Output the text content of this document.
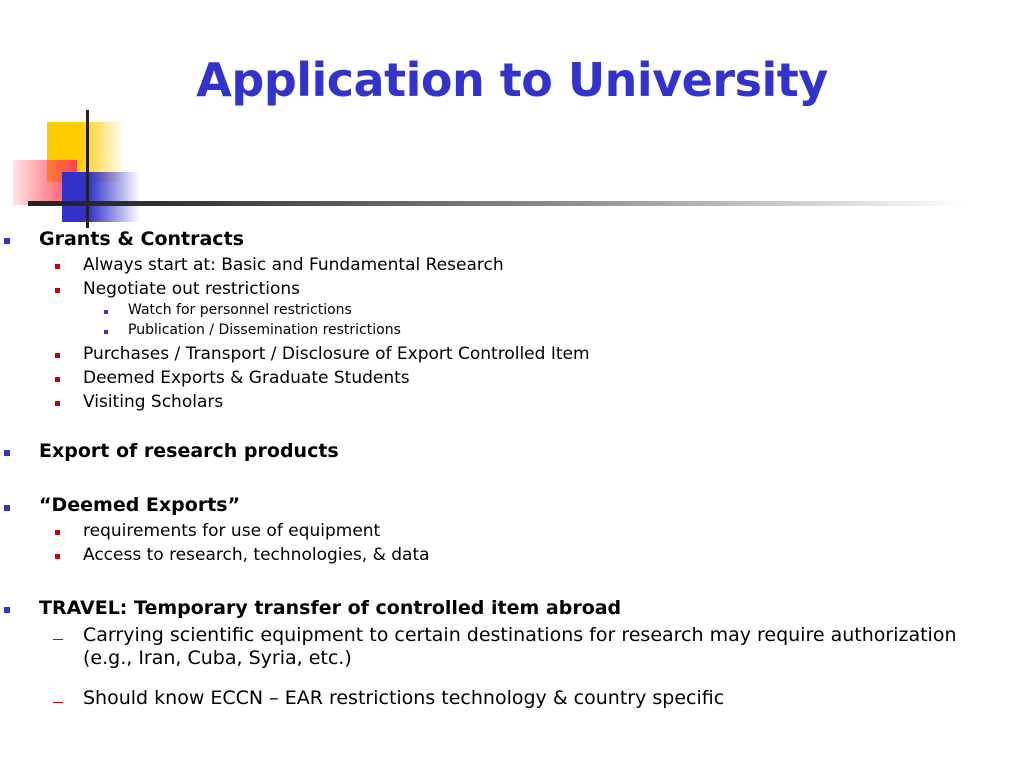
Application to University
Grants & Contracts
Always start at: Basic and Fundamental Research
Negotiate out restrictions
Watch for personnel restrictions
Publication / Dissemination restrictions
Purchases / Transport / Disclosure of Export Controlled Item
Deemed Exports & Graduate Students
Visiting Scholars
Export of research products
“Deemed Exports”
requirements for use of equipment
Access to research, technologies, & data
TRAVEL: Temporary transfer of controlled item abroad
Carrying scientific equipment to certain destinations for research may require authorization (e.g., Iran, Cuba, Syria, etc.)
Should know ECCN – EAR restrictions technology & country specific
